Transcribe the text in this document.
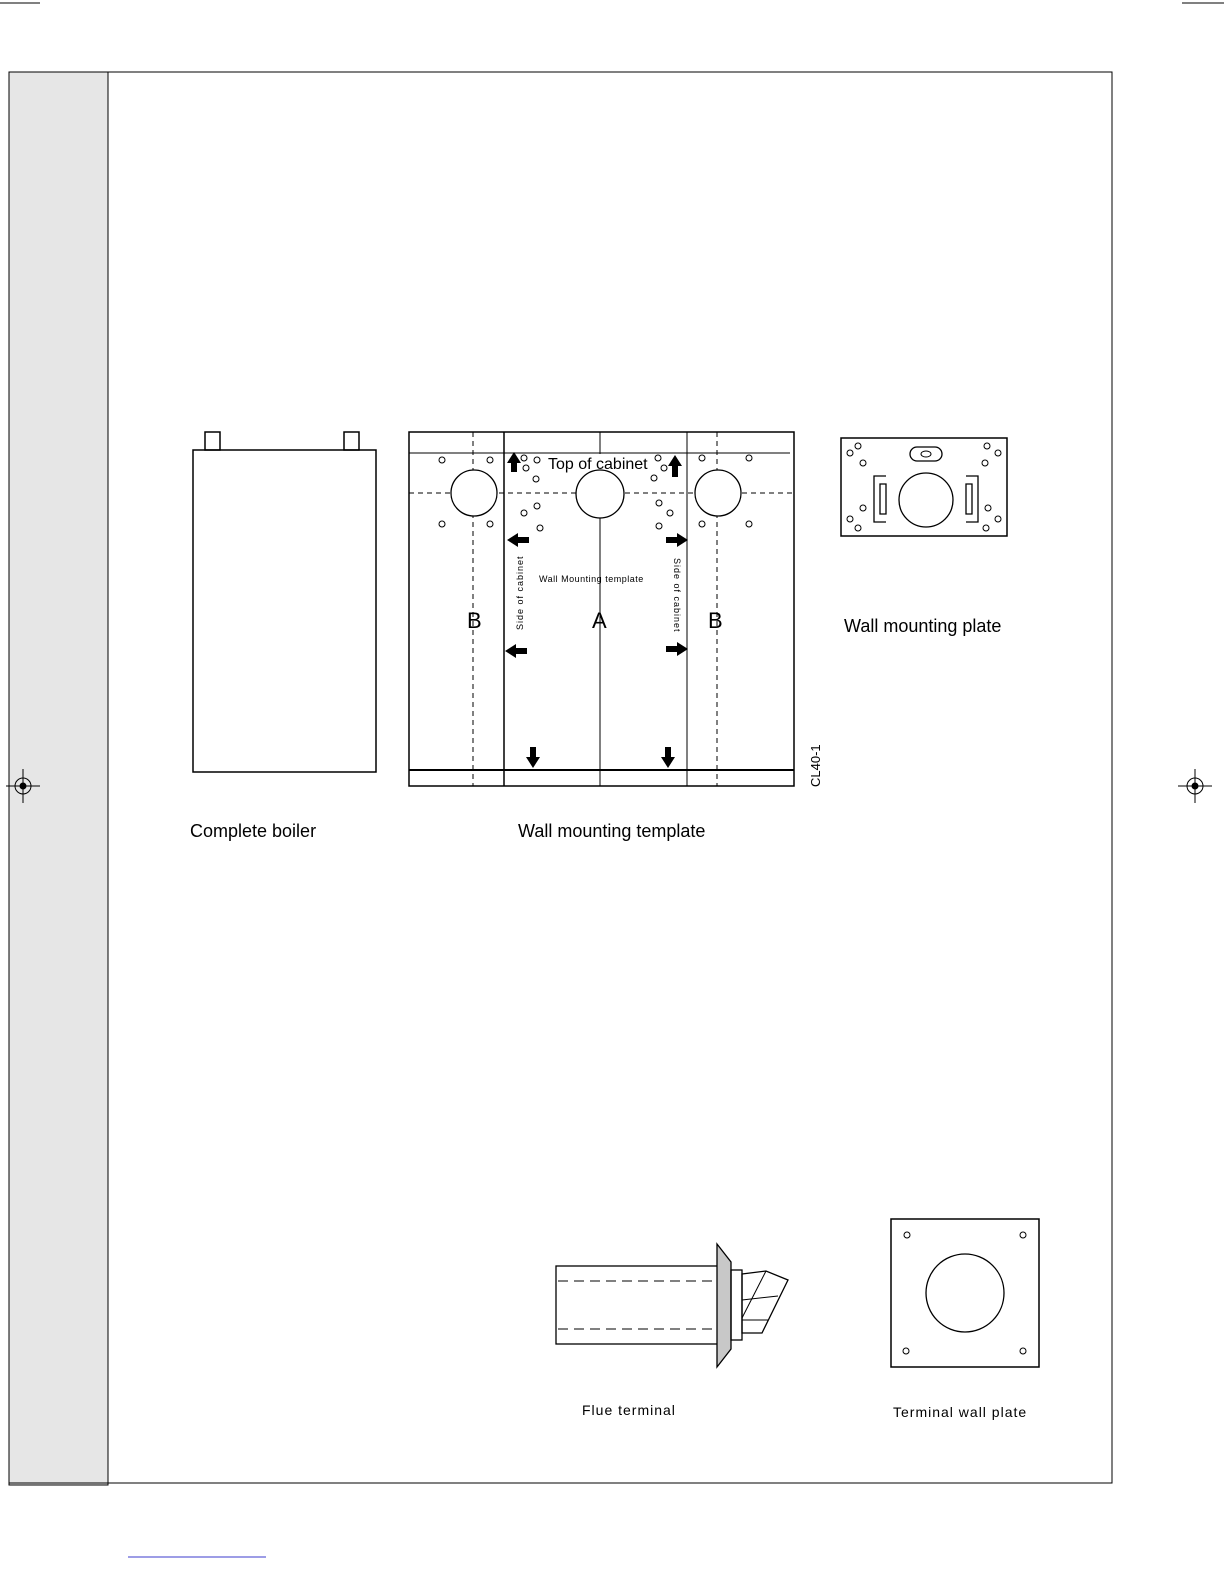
Complete boiler
Top of cabinet
Wall Mounting template
Side of cabinet	Side of cabinet
B	A	B
CL40-1
Wall mounting template
Wall mounting plate
Flue terminal	Terminal wall plate
